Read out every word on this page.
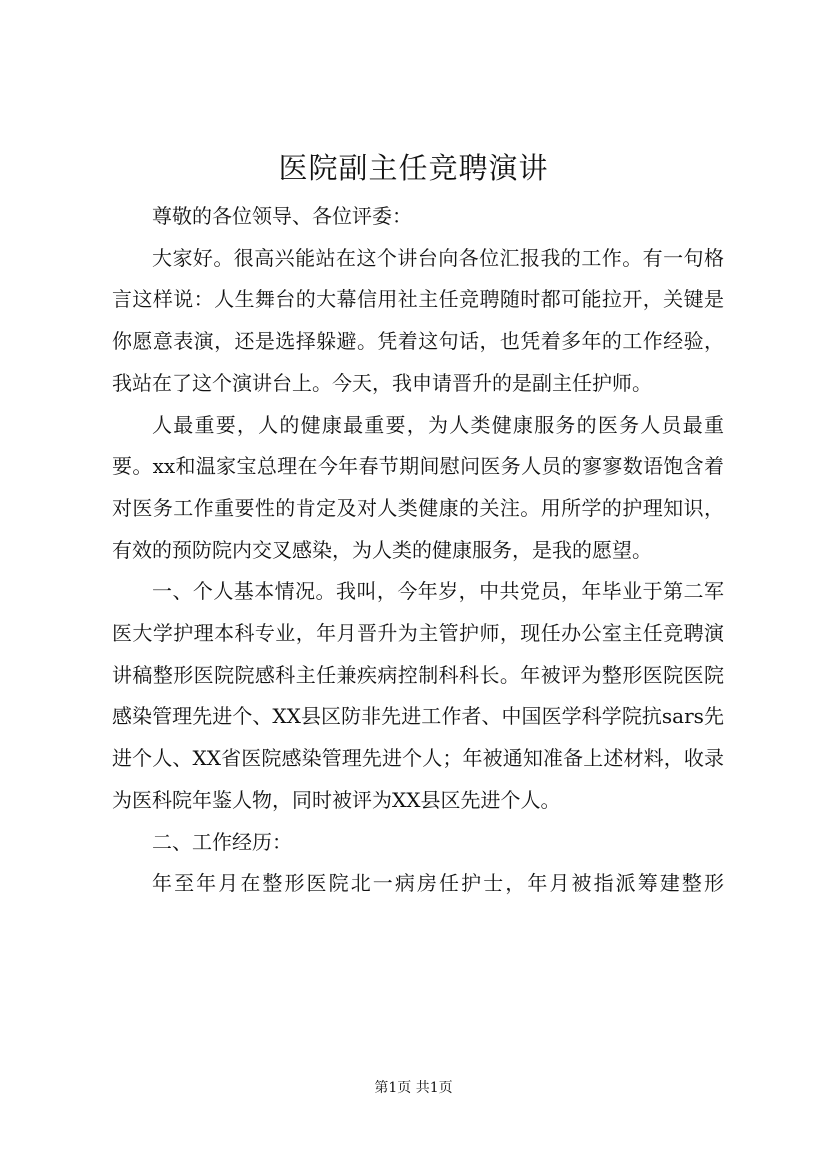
医院副主任竞聘演讲

尊敬的各位领导、各位评委：

大家好。很高兴能站在这个讲台向各位汇报我的工作。有一句格言这样说：人生舞台的大幕信用社主任竞聘随时都可能拉开，关键是你愿意表演，还是选择躲避。凭着这句话，也凭着多年的工作经验，我站在了这个演讲台上。今天，我申请晋升的是副主任护师。

人最重要，人的健康最重要，为人类健康服务的医务人员最重要。xx和温家宝总理在今年春节期间慰问医务人员的寥寥数语饱含着对医务工作重要性的肯定及对人类健康的关注。用所学的护理知识，有效的预防院内交叉感染，为人类的健康服务，是我的愿望。

一、个人基本情况。我叫，今年岁，中共党员，年毕业于第二军医大学护理本科专业，年月晋升为主管护师，现任办公室主任竞聘演讲稿整形医院院感科主任兼疾病控制科科长。年被评为整形医院医院感染管理先进个、XX县区防非先进工作者、中国医学科学院抗sars先进个人、XX省医院感染管理先进个人；年被通知准备上述材料，收录为医科院年鉴人物，同时被评为XX县区先进个人。

二、工作经历：

年至年月在整形医院北一病房任护士，年月被指派筹建整形

第1页 共1页
